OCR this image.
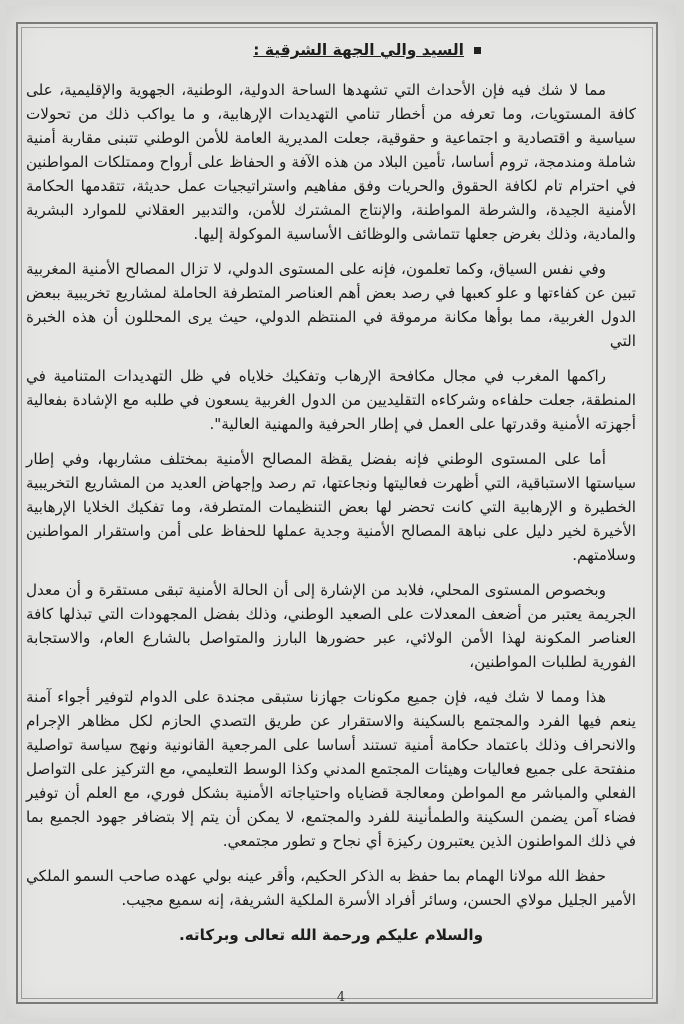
السيد والي الجهة الشرقية :

مما لا شك فيه فإن الأحداث التي تشهدها الساحة الدولية، الوطنية، الجهوية والإقليمية، على كافة المستويات، وما تعرفه من أخطار تنامي التهديدات الإرهابية، و ما يواكب ذلك من تحولات سياسية و اقتصادية و اجتماعية و حقوقية، جعلت المديرية العامة للأمن الوطني تتبنى مقاربة أمنية شاملة ومندمجة، تروم أساسا، تأمين البلاد من هذه الآفة و الحفاظ على أرواح وممتلكات المواطنين في احترام تام لكافة الحقوق والحريات وفق مفاهيم واستراتيجيات عمل حديثة، تتقدمها الحكامة الأمنية الجيدة، والشرطة المواطنة، والإنتاج المشترك للأمن، والتدبير العقلاني للموارد البشرية والمادية، وذلك بغرض جعلها تتماشى والوظائف الأساسية الموكولة إليها.

وفي نفس السياق، وكما تعلمون، فإنه على المستوى الدولي، لا تزال المصالح الأمنية المغربية تبين عن كفاءتها و علو كعبها في رصد بعض أهم العناصر المتطرفة الحاملة لمشاريع تخريبية ببعض الدول الغربية، مما بوأها مكانة مرموقة في المنتظم الدولي، حيث يرى المحللون أن هذه الخبرة التي

راكمها المغرب في مجال مكافحة الإرهاب وتفكيك خلاياه في ظل التهديدات المتنامية في المنطقة، جعلت حلفاءه وشركاءه التقليديين من الدول الغربية يسعون في طلبه مع الإشادة بفعالية أجهزته الأمنية وقدرتها على العمل في إطار الحرفية والمهنية العالية".

أما على المستوى الوطني فإنه بفضل يقظة المصالح الأمنية بمختلف مشاربها، وفي إطار سياستها الاستباقية، التي أظهرت فعاليتها ونجاعتها، تم رصد وإجهاض العديد من المشاريع التخريبية الخطيرة و الإرهابية التي كانت تحضر لها بعض التنظيمات المتطرفة، وما تفكيك الخلايا الإرهابية الأخيرة لخير دليل على نباهة المصالح الأمنية وجدية عملها للحفاظ على أمن واستقرار المواطنين وسلامتهم.

وبخصوص المستوى المحلي، فلابد من الإشارة إلى أن الحالة الأمنية تبقى مستقرة و أن معدل الجريمة يعتبر من أضعف المعدلات على الصعيد الوطني، وذلك بفضل المجهودات التي تبذلها كافة العناصر المكونة لهذا الأمن الولائي، عبر حضورها البارز والمتواصل بالشارع العام، والاستجابة الفورية لطلبات المواطنين،

هذا ومما لا شك فيه، فإن جميع مكونات جهازنا ستبقى مجندة على الدوام لتوفير أجواء آمنة ينعم فيها الفرد والمجتمع بالسكينة والاستقرار عن طريق التصدي الحازم لكل مظاهر الإجرام والانحراف وذلك باعتماد حكامة أمنية تستند أساسا على المرجعية القانونية ونهج سياسة تواصلية منفتحة على جميع فعاليات وهيئات المجتمع المدني وكذا الوسط التعليمي، مع التركيز على التواصل الفعلي والمباشر مع المواطن ومعالجة قضاياه واحتياجاته الأمنية بشكل فوري، مع العلم أن توفير فضاء آمن يضمن السكينة والطمأنينة للفرد والمجتمع، لا يمكن أن يتم إلا بتضافر جهود الجميع بما في ذلك المواطنون الذين يعتبرون ركيزة أي نجاح و تطور مجتمعي.

حفظ الله مولانا الهمام بما حفظ به الذكر الحكيم، وأقر عينه بولي عهده صاحب السمو الملكي الأمير الجليل مولاي الحسن، وسائر أفراد الأسرة الملكية الشريفة، إنه سميع مجيب.

والسلام عليكم ورحمة الله تعالى وبركاته.
4
